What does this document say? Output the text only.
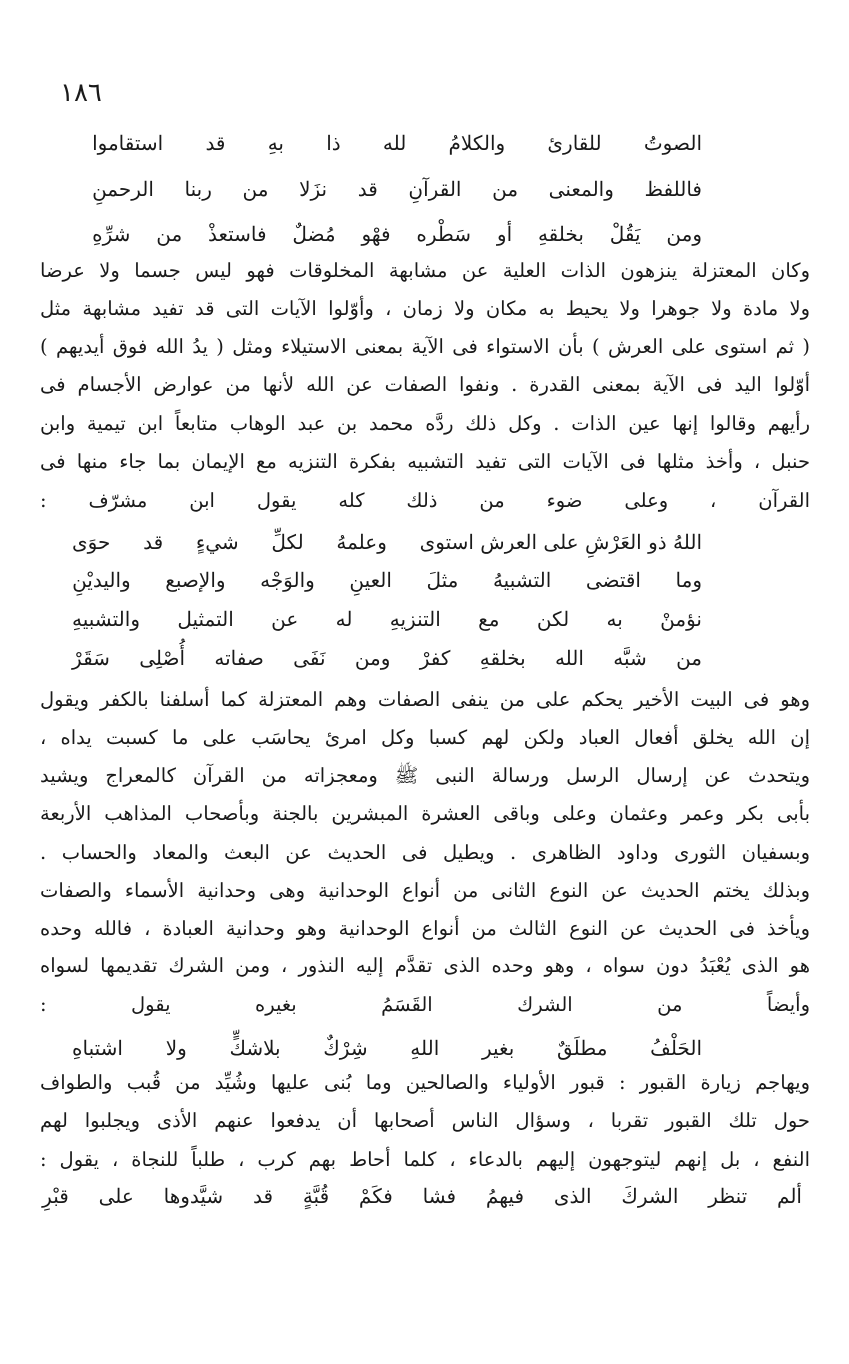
١٨٦

الصوتُ
للقارئ
والكلامُ
لله
ذا
بهِ
قد
استقاموا

فاللفظ
والمعنى
من
القرآنِ
قد
نزَلا
من
ربنا
الرحمنِ

ومن
يَقُلْ
بخلقهِ
أو
سَطْره
فهْو
مُضلٌ
فاستعذْ
من
شرِّهِ

وكان المعتزلة ينزهون الذات العلية عن مشابهة المخلوقات فهو ليس جسما ولا عرضا

ولا مادة ولا جوهرا ولا يحيط به مكان ولا زمان ، وأوّلوا الآيات التى قد تفيد مشابهة مثل

( ثم استوى على العرش ) بأن الاستواء فى الآية بمعنى الاستيلاء ومثل ( يدُ الله فوق أيديهم )

أوّلوا اليد فى الآية بمعنى القدرة . ونفوا الصفات عن الله لأنها من عوارض الأجسام فى

رأيهم وقالوا إنها عين الذات . وكل ذلك ردَّه محمد بن عبد الوهاب متابعاً ابن تيمية وابن

حنبل ، وأخذ مثلها فى الآيات التى تفيد التشبيه بفكرة التنزيه مع الإيمان بما جاء منها فى

القرآن ، وعلى ضوء من ذلك كله يقول ابن مشرّف :

اللهُ ذو العَرْشِ على العرش استوى
وعلمهُ
لكلِّ
شيءٍ
قد
حوَى

وما
اقتضى
التشبيهُ
مثلَ
العينِ
والوَجْه
والإصبع
واليديْنِ

نؤمنْ
به
لكن
مع
التنزيهِ
له
عن
التمثيل
والتشبيهِ

من
شبَّه
الله
بخلقهِ
كفرْ
ومن
نَفَى
صفاته
أُصْلِى
سَقَرْ

وهو فى البيت الأخير يحكم على من ينفى الصفات وهم المعتزلة كما أسلفنا بالكفر ويقول

إن الله يخلق أفعال العباد ولكن لهم كسبا وكل امرئ يحاسَب على ما كسبت يداه ،

ويتحدث عن إرسال الرسل ورسالة النبى ﷺ ومعجزاته من القرآن كالمعراج ويشيد

بأبى بكر وعمر وعثمان وعلى وباقى العشرة المبشرين بالجنة وبأصحاب المذاهب الأربعة

وبسفيان الثورى وداود الظاهرى . ويطيل فى الحديث عن البعث والمعاد والحساب .

وبذلك يختم الحديث عن النوع الثانى من أنواع الوحدانية وهى وحدانية الأسماء والصفات

ويأخذ فى الحديث عن النوع الثالث من أنواع الوحدانية وهو وحدانية العبادة ، فالله وحده

هو الذى يُعْبَدُ دون سواه ، وهو وحده الذى تقدَّم إليه النذور ، ومن الشرك تقديمها لسواه

وأيضاً من الشرك القَسَمُ بغيره يقول :

الحَلْفُ
مطلَقٌ
بغير
اللهِ
شِرْكٌ
بلاشكٍّ
ولا
اشتباهِ

ويهاجم زيارة القبور : قبور الأولياء والصالحين وما بُنى عليها وشُيِّد من قُبب والطواف

حول تلك القبور تقربا ، وسؤال الناس أصحابها أن يدفعوا عنهم الأذى ويجلبوا لهم

النفع ، بل إنهم ليتوجهون إليهم بالدعاء ، كلما أحاط بهم كرب ، طلباً للنجاة ، يقول :

ألم
تنظر
الشركَ
الذى
فيهمُ
فشا
فكَمْ
قُبَّةٍ
قد
شيَّدوها
على
قبْرِ
